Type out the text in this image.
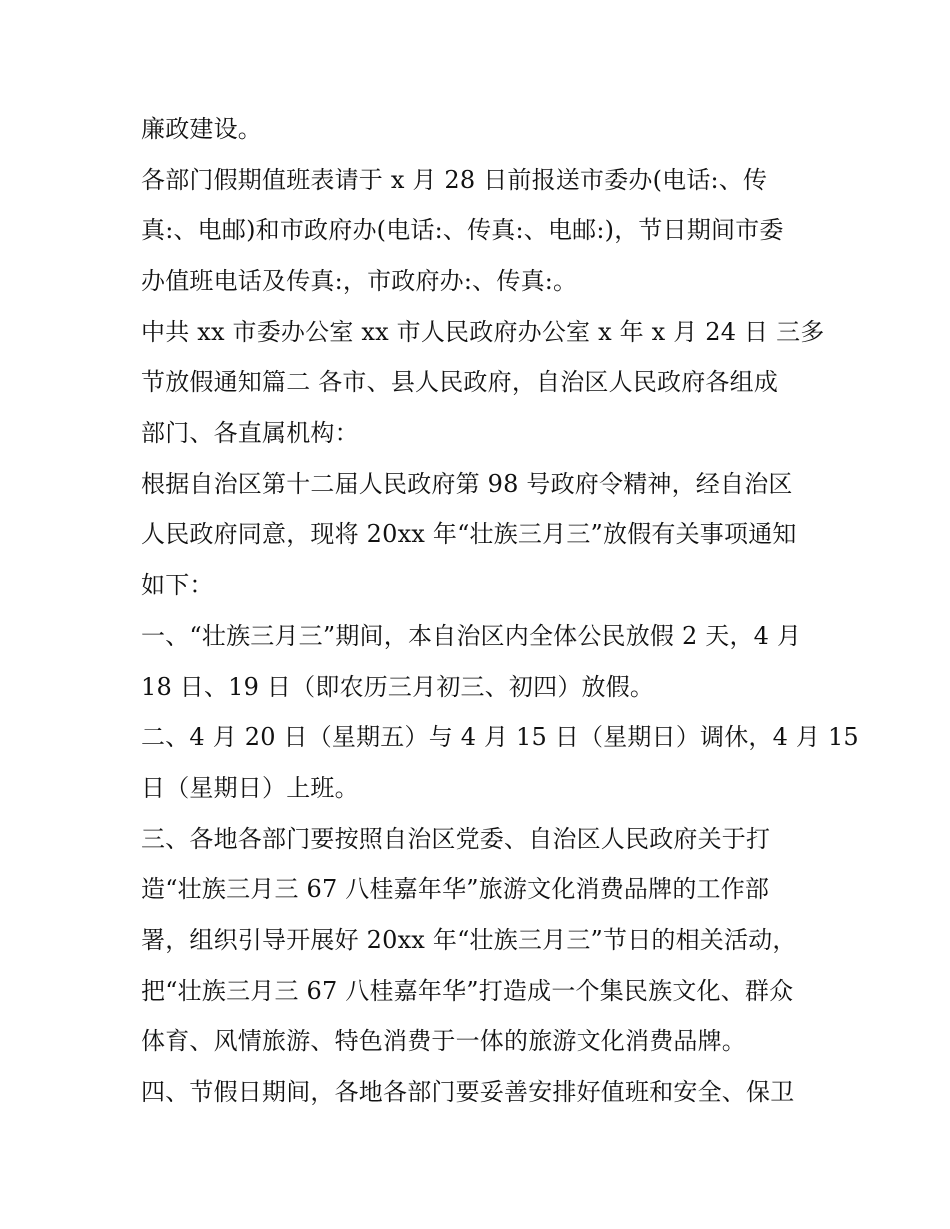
廉政建设。
各部门假期值班表请于 x 月 28 日前报送市委办(电话:、传
真:、电邮)和市政府办(电话:、传真:、电邮:)，节日期间市委
办值班电话及传真:，市政府办:、传真:。
中共 xx 市委办公室 xx 市人民政府办公室 x 年 x 月 24 日 三多
节放假通知篇二 各市、县人民政府，自治区人民政府各组成
部门、各直属机构：
根据自治区第十二届人民政府第 98 号政府令精神，经自治区
人民政府同意，现将 20xx 年“壮族三月三”放假有关事项通知
如下：
一、“壮族三月三”期间，本自治区内全体公民放假 2 天，4 月
18 日、19 日（即农历三月初三、初四）放假。
二、4 月 20 日（星期五）与 4 月 15 日（星期日）调休，4 月 15
日（星期日）上班。
三、各地各部门要按照自治区党委、自治区人民政府关于打
造“壮族三月三 67 八桂嘉年华”旅游文化消费品牌的工作部
署，组织引导开展好 20xx 年“壮族三月三”节日的相关活动，
把“壮族三月三 67 八桂嘉年华”打造成一个集民族文化、群众
体育、风情旅游、特色消费于一体的旅游文化消费品牌。
四、节假日期间，各地各部门要妥善安排好值班和安全、保卫
